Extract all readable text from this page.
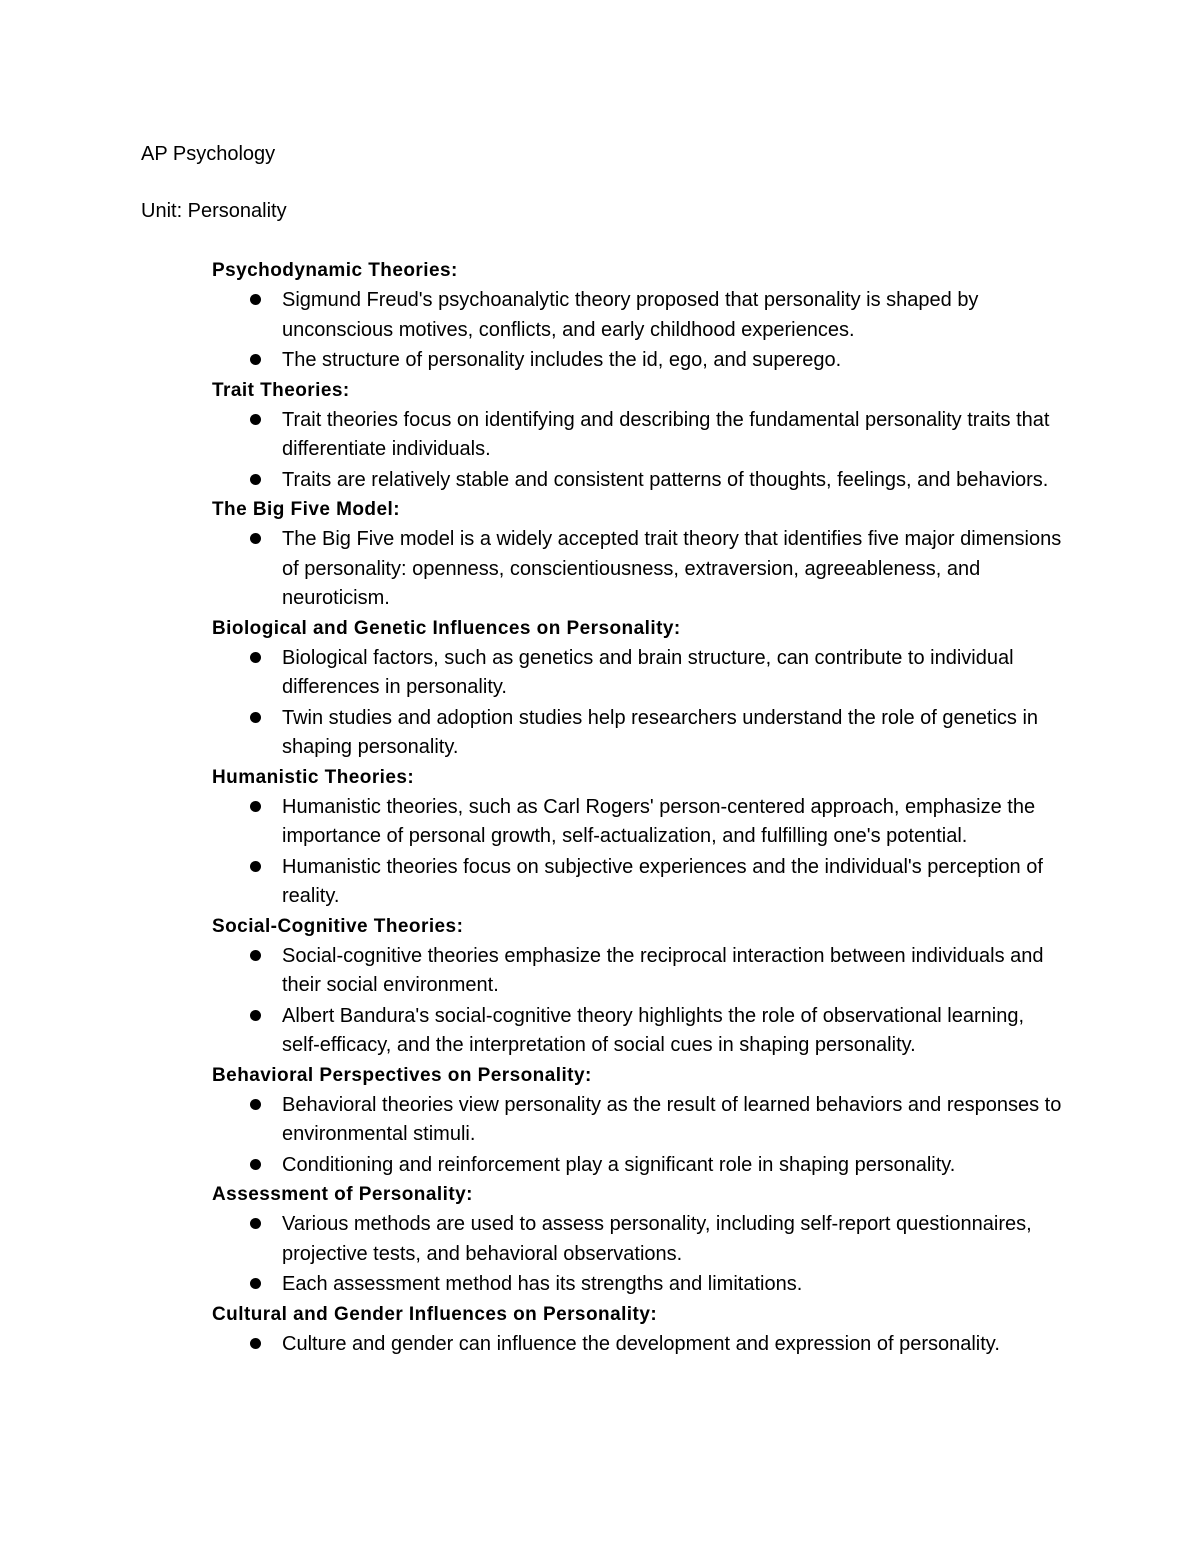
AP Psychology
Unit: Personality
Psychodynamic Theories:
Sigmund Freud's psychoanalytic theory proposed that personality is shaped by unconscious motives, conflicts, and early childhood experiences.
The structure of personality includes the id, ego, and superego.
Trait Theories:
Trait theories focus on identifying and describing the fundamental personality traits that differentiate individuals.
Traits are relatively stable and consistent patterns of thoughts, feelings, and behaviors.
The Big Five Model:
The Big Five model is a widely accepted trait theory that identifies five major dimensions of personality: openness, conscientiousness, extraversion, agreeableness, and neuroticism.
Biological and Genetic Influences on Personality:
Biological factors, such as genetics and brain structure, can contribute to individual differences in personality.
Twin studies and adoption studies help researchers understand the role of genetics in shaping personality.
Humanistic Theories:
Humanistic theories, such as Carl Rogers' person-centered approach, emphasize the importance of personal growth, self-actualization, and fulfilling one's potential.
Humanistic theories focus on subjective experiences and the individual's perception of reality.
Social-Cognitive Theories:
Social-cognitive theories emphasize the reciprocal interaction between individuals and their social environment.
Albert Bandura's social-cognitive theory highlights the role of observational learning, self-efficacy, and the interpretation of social cues in shaping personality.
Behavioral Perspectives on Personality:
Behavioral theories view personality as the result of learned behaviors and responses to environmental stimuli.
Conditioning and reinforcement play a significant role in shaping personality.
Assessment of Personality:
Various methods are used to assess personality, including self-report questionnaires, projective tests, and behavioral observations.
Each assessment method has its strengths and limitations.
Cultural and Gender Influences on Personality:
Culture and gender can influence the development and expression of personality.
